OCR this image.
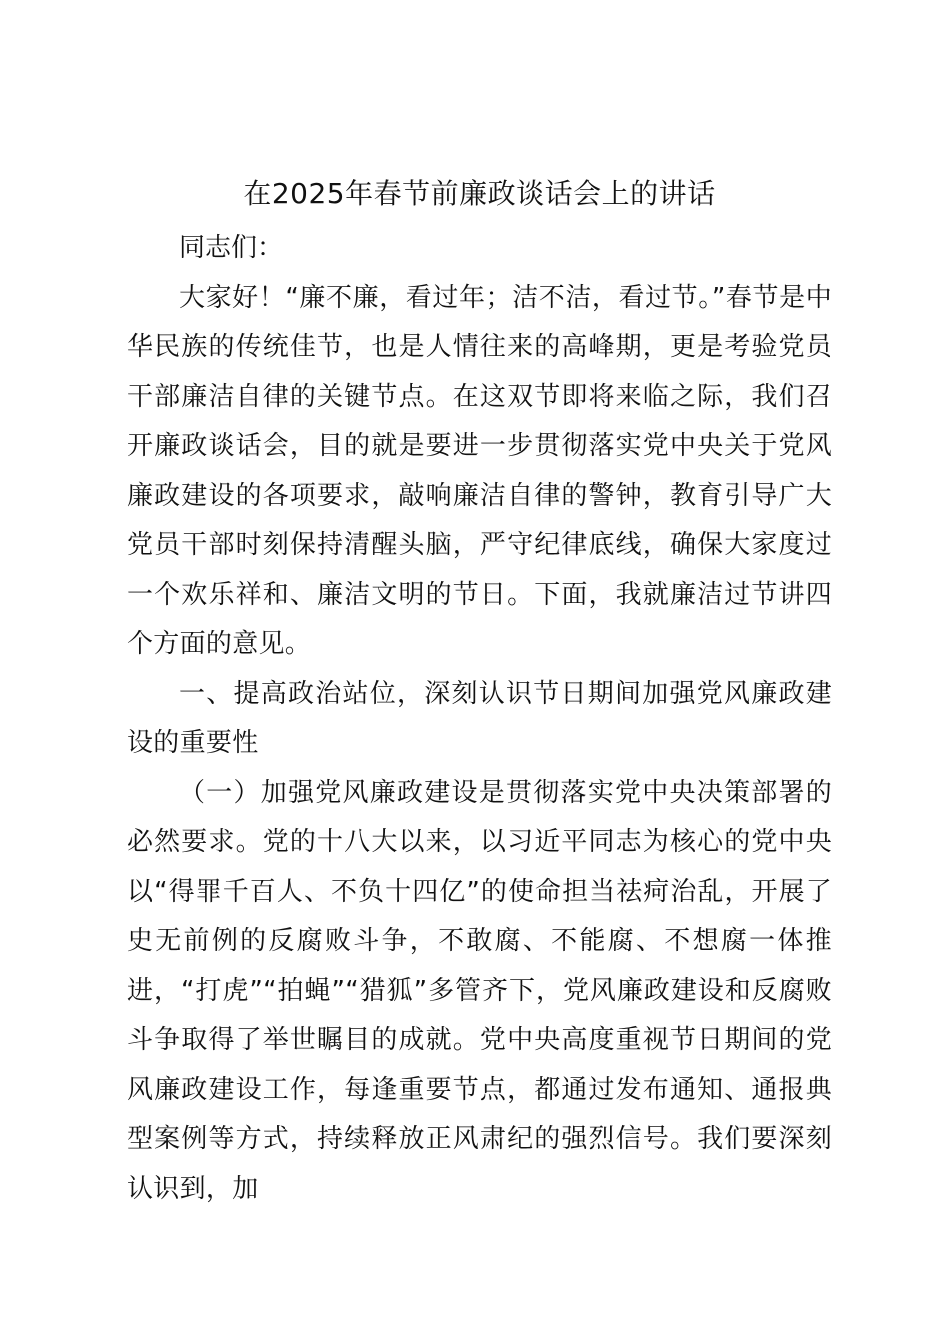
在2025年春节前廉政谈话会上的讲话

同志们：

大家好！“廉不廉，看过年；洁不洁，看过节。”春节是中华民族的传统佳节，也是人情往来的高峰期，更是考验党员干部廉洁自律的关键节点。在这双节即将来临之际，我们召开廉政谈话会，目的就是要进一步贯彻落实党中央关于党风廉政建设的各项要求，敲响廉洁自律的警钟，教育引导广大党员干部时刻保持清醒头脑，严守纪律底线，确保大家度过一个欢乐祥和、廉洁文明的节日。下面，我就廉洁过节讲四个方面的意见。

一、提高政治站位，深刻认识节日期间加强党风廉政建设的重要性

（一）加强党风廉政建设是贯彻落实党中央决策部署的必然要求。党的十八大以来，以习近平同志为核心的党中央以“得罪千百人、不负十四亿”的使命担当祛疴治乱，开展了史无前例的反腐败斗争，不敢腐、不能腐、不想腐一体推进，“打虎”“拍蝇”“猎狐”多管齐下，党风廉政建设和反腐败斗争取得了举世瞩目的成就。党中央高度重视节日期间的党风廉政建设工作，每逢重要节点，都通过发布通知、通报典型案例等方式，持续释放正风肃纪的强烈信号。我们要深刻认识到，加
